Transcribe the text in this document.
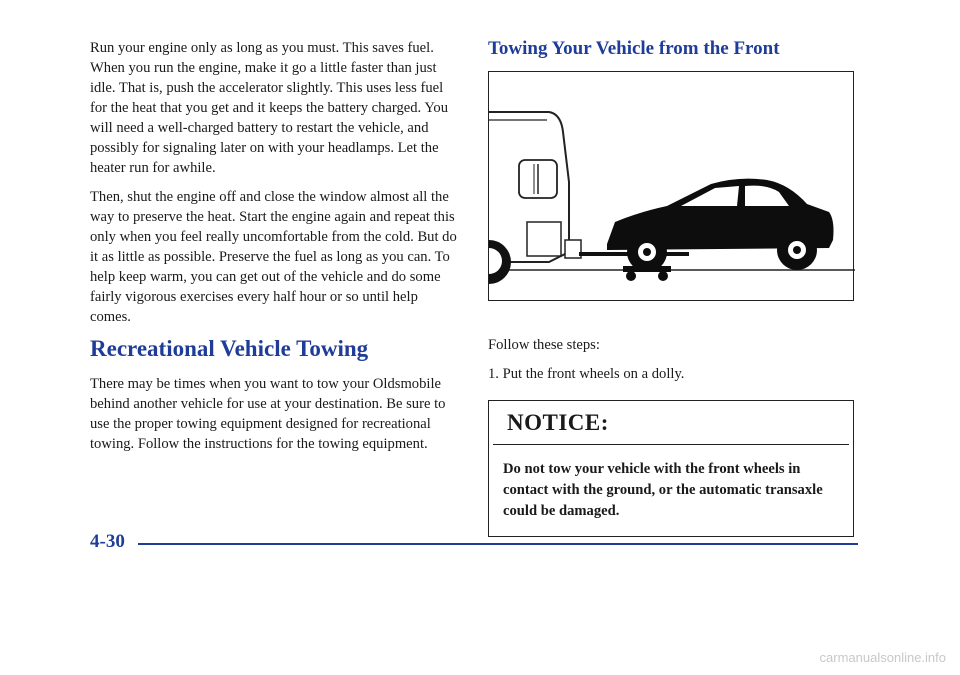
Run your engine only as long as you must. This saves fuel. When you run the engine, make it go a little faster than just idle. That is, push the accelerator slightly. This uses less fuel for the heat that you get and it keeps the battery charged. You will need a well-charged battery to restart the vehicle, and possibly for signaling later on with your headlamps. Let the heater run for awhile.

Then, shut the engine off and close the window almost all the way to preserve the heat. Start the engine again and repeat this only when you feel really uncomfortable from the cold. But do it as little as possible. Preserve the fuel as long as you can. To help keep warm, you can get out of the vehicle and do some fairly vigorous exercises every half hour or so until help comes.

Recreational Vehicle Towing

There may be times when you want to tow your Oldsmobile behind another vehicle for use at your destination. Be sure to use the proper towing equipment designed for recreational towing. Follow the instructions for the towing equipment.

Towing Your Vehicle from the Front

Follow these steps:

1. Put the front wheels on a dolly.

NOTICE:
Do not tow your vehicle with the front wheels in contact with the ground, or the automatic transaxle could be damaged.
4-30
carmanualsonline.info
